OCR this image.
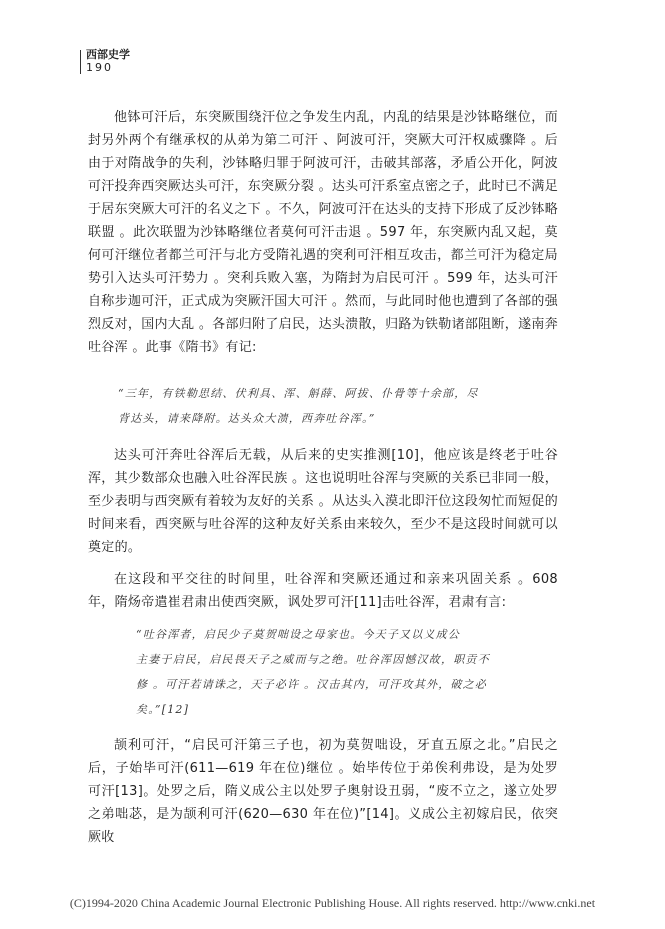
西部史学
190
他钵可汗后，东突厥围绕汗位之争发生内乱，内乱的结果是沙钵略继位，而封另外两个有继承权的从弟为第二可汗 、阿波可汗，突厥大可汗权威骤降 。后由于对隋战争的失利，沙钵略归罪于阿波可汗，击破其部落，矛盾公开化，阿波可汗投奔西突厥达头可汗，东突厥分裂 。达头可汗系室点密之子，此时已不满足于居东突厥大可汗的名义之下 。不久，阿波可汗在达头的支持下形成了反沙钵略联盟 。此次联盟为沙钵略继位者莫何可汗击退 。597 年，东突厥内乱又起，莫何可汗继位者都兰可汗与北方受隋礼遇的突利可汗相互攻击，都兰可汗为稳定局势引入达头可汗势力 。突利兵败入塞，为隋封为启民可汗 。599 年，达头可汗自称步迦可汗，正式成为突厥汗国大可汗 。然而，与此同时他也遭到了各部的强烈反对，国内大乱 。各部归附了启民，达头溃散，归路为铁勒诸部阻断，遂南奔吐谷浑 。此事《隋书》有记:
“三年，有铁勒思结、伏利具、浑、斛薛、阿拔、仆骨等十余部，尽
背达头，请来降附。达头众大溃，西奔吐谷浑。”
达头可汗奔吐谷浑后无载，从后来的史实推测[10]，他应该是终老于吐谷浑，其少数部众也融入吐谷浑民族 。这也说明吐谷浑与突厥的关系已非同一般，至少表明与西突厥有着较为友好的关系 。从达头入漠北即汗位这段匆忙而短促的时间来看，西突厥与吐谷浑的这种友好关系由来较久，至少不是这段时间就可以奠定的。
在这段和平交往的时间里，吐谷浑和突厥还通过和亲来巩固关系 。608 年，隋炀帝遣崔君肃出使西突厥，讽处罗可汗[11]击吐谷浑，君肃有言:
“吐谷浑者，启民少子莫贺咄设之母家也。今天子又以义成公
主妻于启民，启民畏天子之威而与之绝。吐谷浑因憾汉故，职贡不
修 。可汗若请诛之，天子必许 。汉击其内，可汗攻其外，破之必
矣。”[12]
颉利可汗，“启民可汗第三子也，初为莫贺咄设，牙直五原之北。”启民之后，子始毕可汗(611—619 年在位)继位 。始毕传位于弟俟利弗设，是为处罗可汗[13]。处罗之后，隋义成公主以处罗子奥射设丑弱，“废不立之，遂立处罗之弟咄苾，是为颉利可汗(620—630 年在位)”[14]。义成公主初嫁启民，依突厥收
(C)1994-2020 China Academic Journal Electronic Publishing House. All rights reserved. http://www.cnki.net
